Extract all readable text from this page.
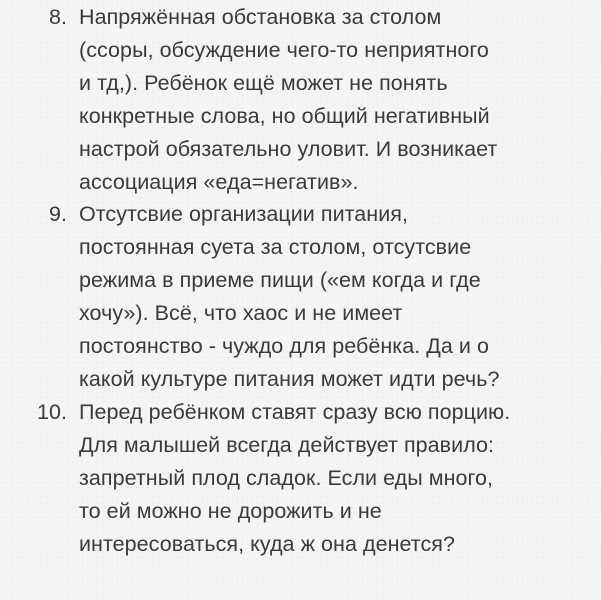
8. Напряжённая обстановка за столом
(ссоры, обсуждение чего-то неприятного
и тд,). Ребёнок ещё может не понять
конкретные слова, но общий негативный
настрой обязательно уловит. И возникает
ассоциация «еда=негатив».
9. Отсутсвие организации питания,
постоянная суета за столом, отсутсвие
режима в приеме пищи («ем когда и где
хочу»). Всё, что хаос и не имеет
постоянство - чуждо для ребёнка. Да и о
какой культуре питания может идти речь?
10. Перед ребёнком ставят сразу всю порцию.
Для малышей всегда действует правило:
запретный плод сладок. Если еды много,
то ей можно не дорожить и не
интересоваться, куда ж она денется?
